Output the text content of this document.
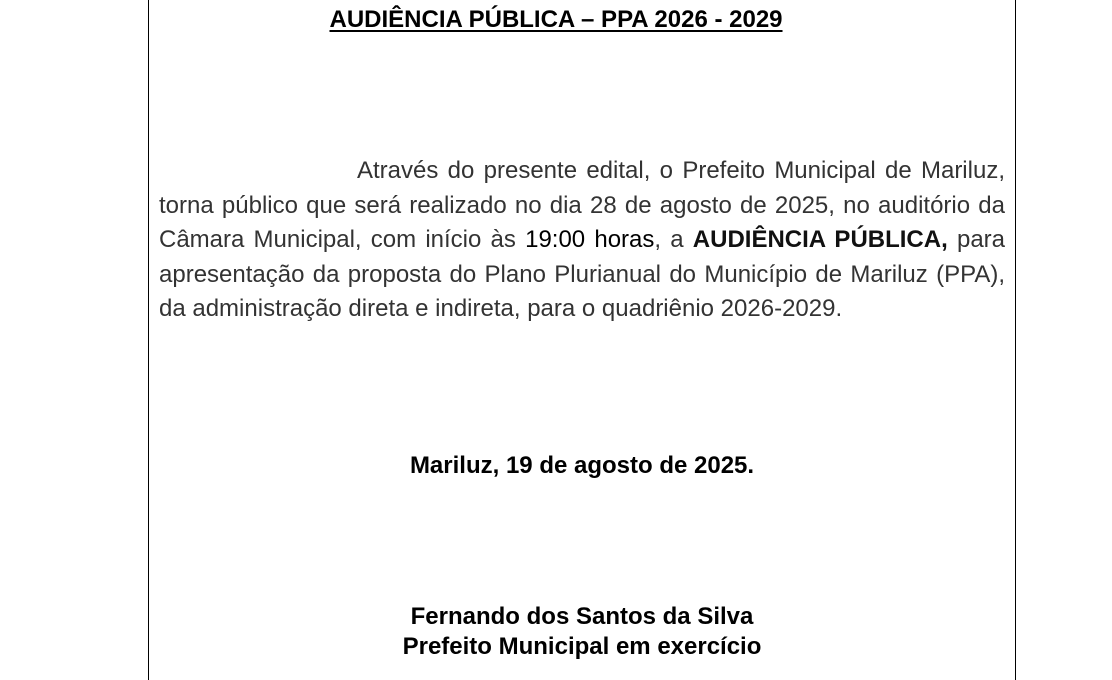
AUDIÊNCIA PÚBLICA – PPA 2026 - 2029
Através do presente edital, o Prefeito Municipal de Mariluz, torna público que será realizado no dia 28 de agosto de 2025, no auditório da Câmara Municipal, com início às 19:00 horas, a AUDIÊNCIA PÚBLICA, para apresentação da proposta do Plano Plurianual do Município de Mariluz (PPA), da administração direta e indireta, para o quadriênio 2026-2029.
Mariluz, 19 de agosto de 2025.
Fernando dos Santos da Silva
Prefeito Municipal em exercício
